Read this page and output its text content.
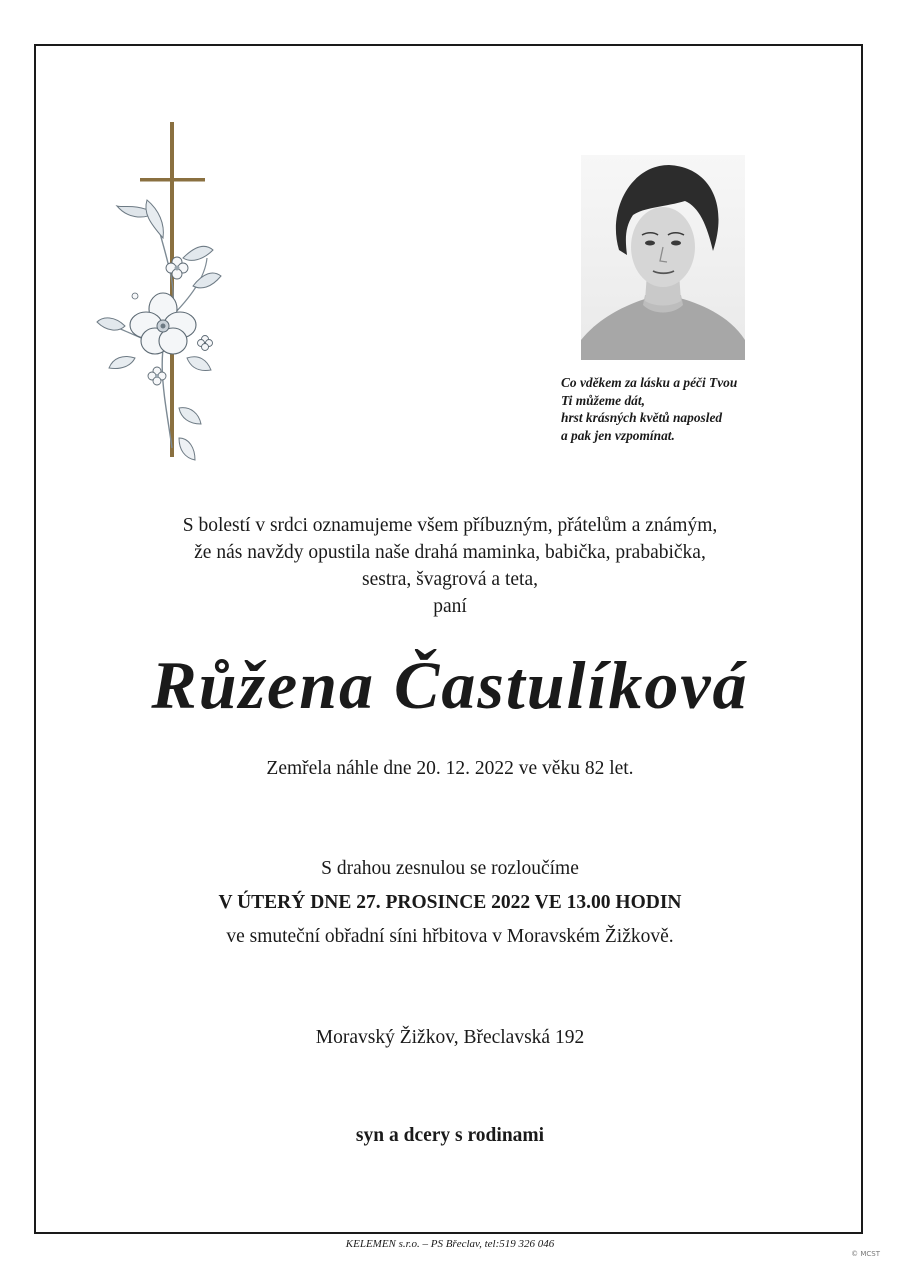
Co vděkem za lásku a péči Tvou
Ti můžeme dát,
hrst krásných květů naposled
a pak jen vzpomínat.
S bolestí v srdci oznamujeme všem příbuzným, přátelům a známým,
že nás navždy opustila naše drahá maminka, babička, prababička,
sestra, švagrová a teta,
paní
Růžena Častulíková
Zemřela náhle dne 20. 12. 2022 ve věku 82 let.
S drahou zesnulou se rozloučíme
V ÚTERÝ DNE 27. PROSINCE 2022 VE 13.00 HODIN
ve smuteční obřadní síni hřbitova v Moravském Žižkově.
Moravský Žižkov, Břeclavská 192
syn a dcery s rodinami
KELEMEN s.r.o. – PS Břeclav, tel:519 326 046
© MCST
